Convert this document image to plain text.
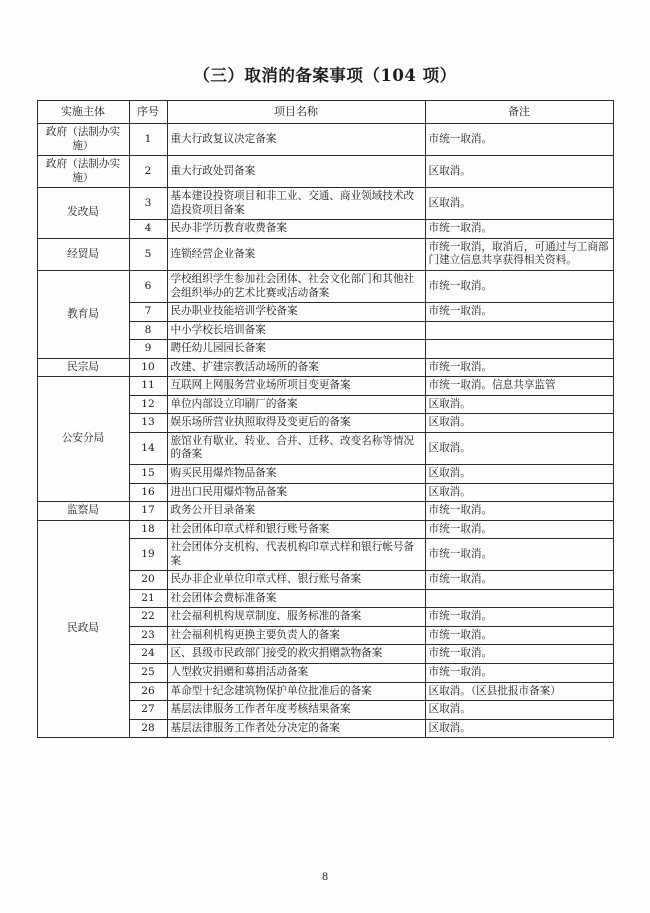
（三）取消的备案事项（104 项）
实施主体	序号	项目名称	备注
政府（法制办实施）	1	重大行政复议决定备案	市统一取消。
政府（法制办实施）	2	重大行政处罚备案	区取消。
发改局	3	基本建设投资项目和非工业、交通、商业领域技术改造投资项目备案	区取消。
	4	民办非学历教育收费备案	市统一取消。
经贸局	5	连锁经营企业备案	市统一取消，取消后，可通过与工商部门建立信息共享获得相关资料。
教育局	6	学校组织学生参加社会团体、社会文化部门和其他社会组织举办的艺术比赛或活动备案	市统一取消。
	7	民办职业技能培训学校备案	市统一取消。
	8	中小学校长培训备案	
	9	聘任幼儿园园长备案	
民宗局	10	改建、扩建宗教活动场所的备案	市统一取消。
公安分局	11	互联网上网服务营业场所项目变更备案	市统一取消。信息共享监管
	12	单位内部设立印刷厂的备案	区取消。
	13	娱乐场所营业执照取得及变更后的备案	区取消。
	14	旅馆业有歇业、转业、合并、迁移、改变名称等情况的备案	区取消。
	15	购买民用爆炸物品备案	区取消。
	16	进出口民用爆炸物品备案	区取消。
监察局	17	政务公开目录备案	市统一取消。
民政局	18	社会团体印章式样和银行账号备案	市统一取消。
	19	社会团体分支机构、代表机构印章式样和银行帐号备案	市统一取消。
	20	民办非企业单位印章式样、银行账号备案	市统一取消。
	21	社会团体会费标准备案	
	22	社会福利机构规章制度、服务标准的备案	市统一取消。
	23	社会福利机构更换主要负责人的备案	市统一取消。
	24	区、县级市民政部门接受的救灾捐赠款物备案	市统一取消。
	25	人型救灾捐赠和募捐活动备案	市统一取消。
	26	革命型十纪念建筑物保护单位批准后的备案	区取消。（区县批报市备案）
	27	基层法律服务工作者年度考核结果备案	区取消。
	28	基层法律服务工作者处分决定的备案	区取消。
8
